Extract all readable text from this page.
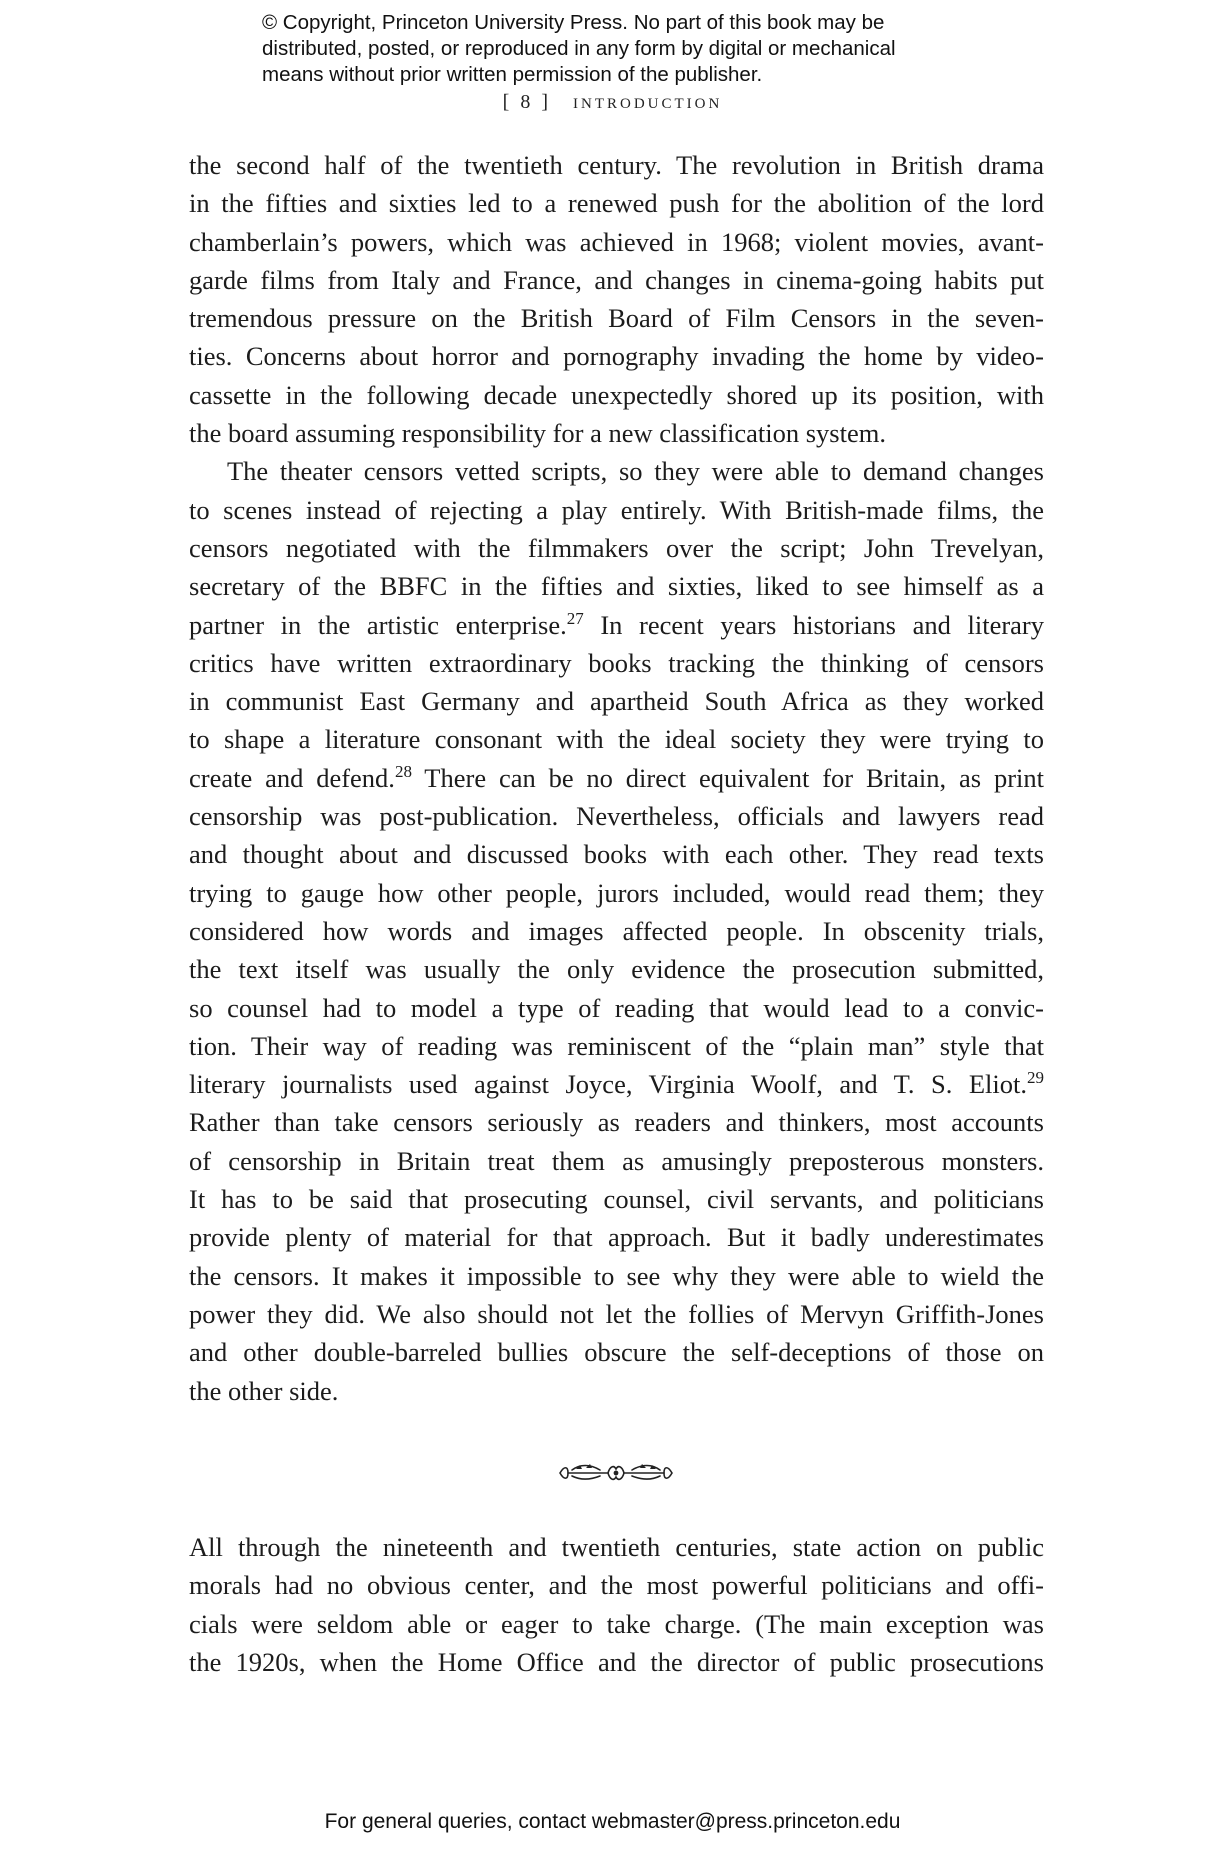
© Copyright, Princeton University Press. No part of this book may be
distributed, posted, or reproduced in any form by digital or mechanical
means without prior written permission of the publisher.
[ 8 ] introduction
the second half of the twentieth century. The revolution in British drama
in the fifties and sixties led to a renewed push for the abolition of the lord
chamberlain’s powers, which was achieved in 1968; violent movies, avant-
garde films from Italy and France, and changes in cinema-going habits put
tremendous pressure on the British Board of Film Censors in the seven-
ties. Concerns about horror and pornography invading the home by video-
cassette in the following decade unexpectedly shored up its position, with
the board assuming responsibility for a new classification system.
The theater censors vetted scripts, so they were able to demand changes
to scenes instead of rejecting a play entirely. With British-made films, the
censors negotiated with the filmmakers over the script; John Trevelyan,
secretary of the BBFC in the fifties and sixties, liked to see himself as a
partner in the artistic enterprise.$^{27}$ In recent years historians and literary
critics have written extraordinary books tracking the thinking of censors
in communist East Germany and apartheid South Africa as they worked
to shape a literature consonant with the ideal society they were trying to
create and defend.$^{28}$ There can be no direct equivalent for Britain, as print
censorship was post-publication. Nevertheless, officials and lawyers read
and thought about and discussed books with each other. They read texts
trying to gauge how other people, jurors included, would read them; they
considered how words and images affected people. In obscenity trials,
the text itself was usually the only evidence the prosecution submitted,
so counsel had to model a type of reading that would lead to a convic-
tion. Their way of reading was reminiscent of the “plain man” style that
literary journalists used against Joyce, Virginia Woolf, and T. S. Eliot.$^{29}$
Rather than take censors seriously as readers and thinkers, most accounts
of censorship in Britain treat them as amusingly preposterous monsters.
It has to be said that prosecuting counsel, civil servants, and politicians
provide plenty of material for that approach. But it badly underestimates
the censors. It makes it impossible to see why they were able to wield the
power they did. We also should not let the follies of Mervyn Griffith-Jones
and other double-barreled bullies obscure the self-deceptions of those on
the other side.
All through the nineteenth and twentieth centuries, state action on public
morals had no obvious center, and the most powerful politicians and offi-
cials were seldom able or eager to take charge. (The main exception was
the 1920s, when the Home Office and the director of public prosecutions
For general queries, contact webmaster@press.princeton.edu
